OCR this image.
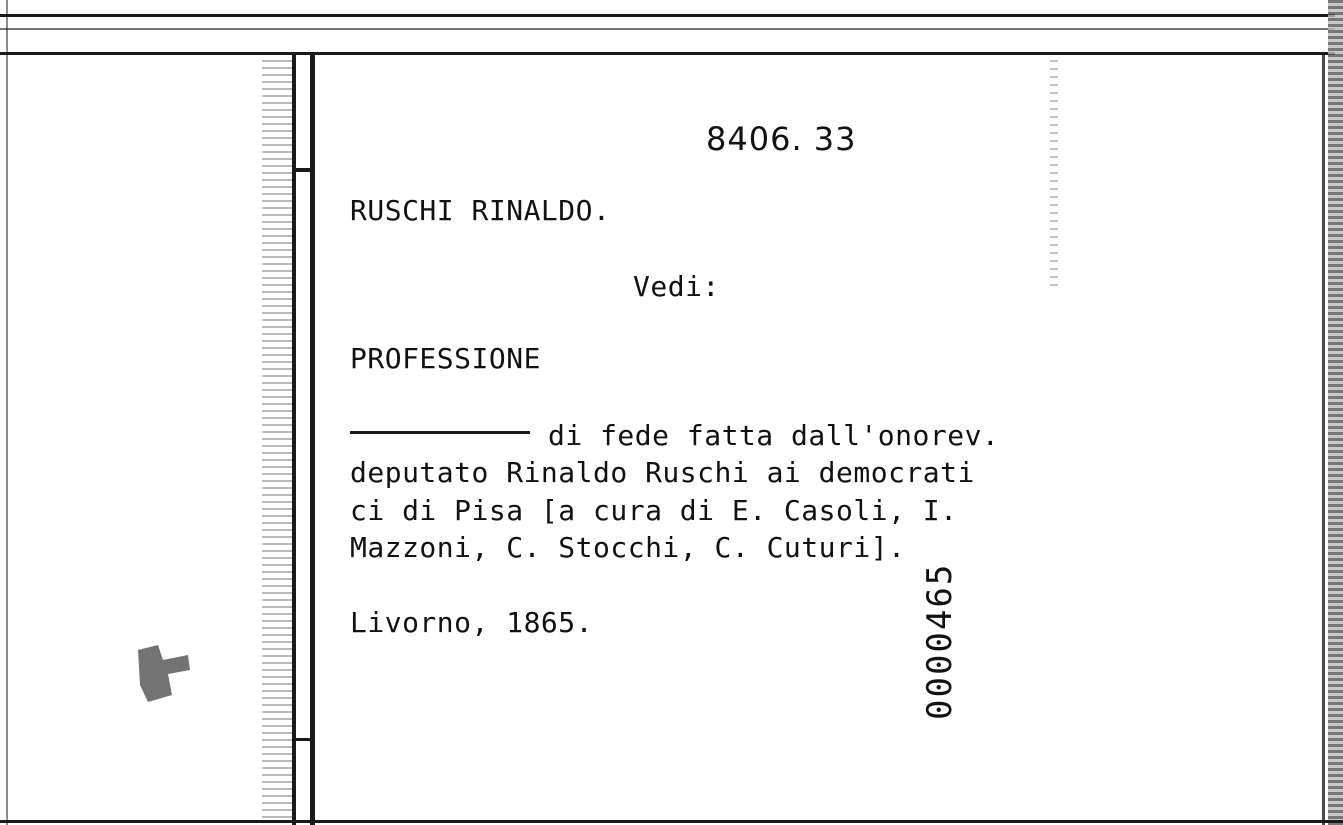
8406. 33
RUSCHI RINALDO.
Vedi:
PROFESSIONE
di fede fatta dall'onorev.
deputato Rinaldo Ruschi ai democrati
ci di Pisa [a cura di E. Casoli, I.
Mazzoni, C. Stocchi, C. Cuturi].
Livorno, 1865.	0000465
